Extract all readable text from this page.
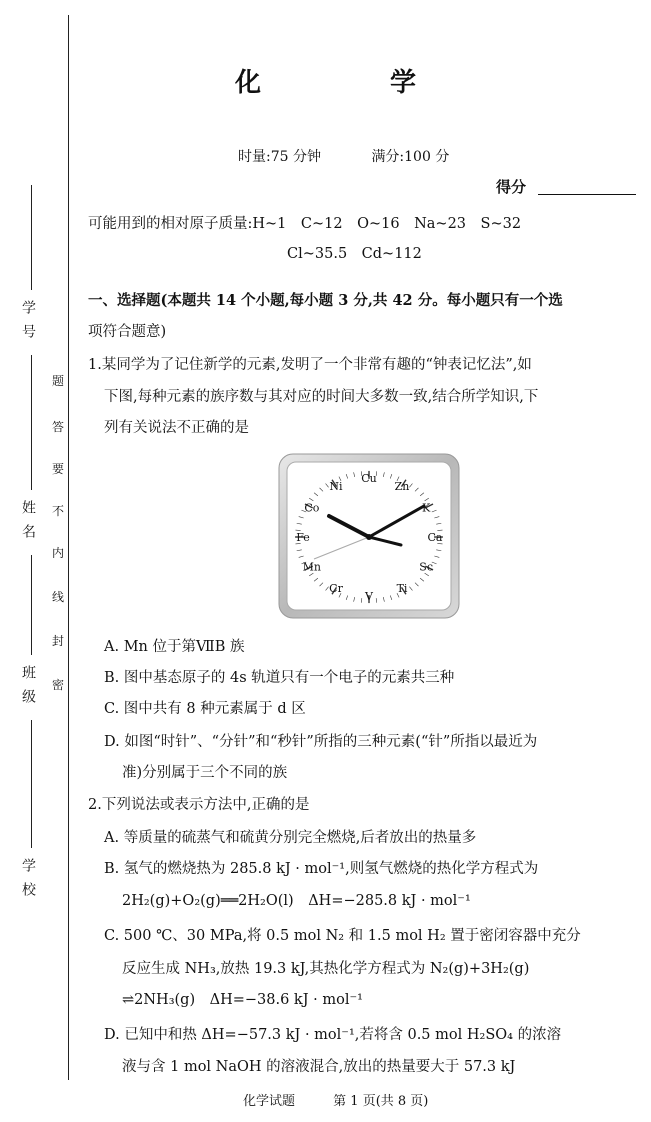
学号
姓名
班级
学校
题
答
要
不
内
线
封
密
化 学
时量:75 分钟	满分:100 分
得分
可能用到的相对原子质量:H~1　C~12　O~16　Na~23　S~32
Cl~35.5　Cd~112
一、选择题(本题共 14 个小题,每小题 3 分,共 42 分。每小题只有一个选
项符合题意)
1.某同学为了记住新学的元素,发明了一个非常有趣的“钟表记忆法”,如
下图,每种元素的族序数与其对应的时间大多数一致,结合所学知识,下
列有关说法不正确的是
Zn
K
Ca
Sc
Ti
V
Cr
Mn
Fe
Co
Ni
Cu
A. Mn 位于第ⅦB 族
B. 图中基态原子的 4s 轨道只有一个电子的元素共三种
C. 图中共有 8 种元素属于 d 区
D. 如图“时针”、“分针”和“秒针”所指的三种元素(“针”所指以最近为
准)分别属于三个不同的族
2.下列说法或表示方法中,正确的是
A. 等质量的硫蒸气和硫黄分别完全燃烧,后者放出的热量多
B. 氢气的燃烧热为 285.8 kJ · mol⁻¹,则氢气燃烧的热化学方程式为
2H₂(g)+O₂(g)══2H₂O(l)　ΔH=−285.8 kJ · mol⁻¹
C. 500 ℃、30 MPa,将 0.5 mol N₂ 和 1.5 mol H₂ 置于密闭容器中充分
反应生成 NH₃,放热 19.3 kJ,其热化学方程式为 N₂(g)+3H₂(g)
⇌2NH₃(g)　ΔH=−38.6 kJ · mol⁻¹
D. 已知中和热 ΔH=−57.3 kJ · mol⁻¹,若将含 0.5 mol H₂SO₄ 的浓溶
液与含 1 mol NaOH 的溶液混合,放出的热量要大于 57.3 kJ
化学试题	第 1 页(共 8 页)
